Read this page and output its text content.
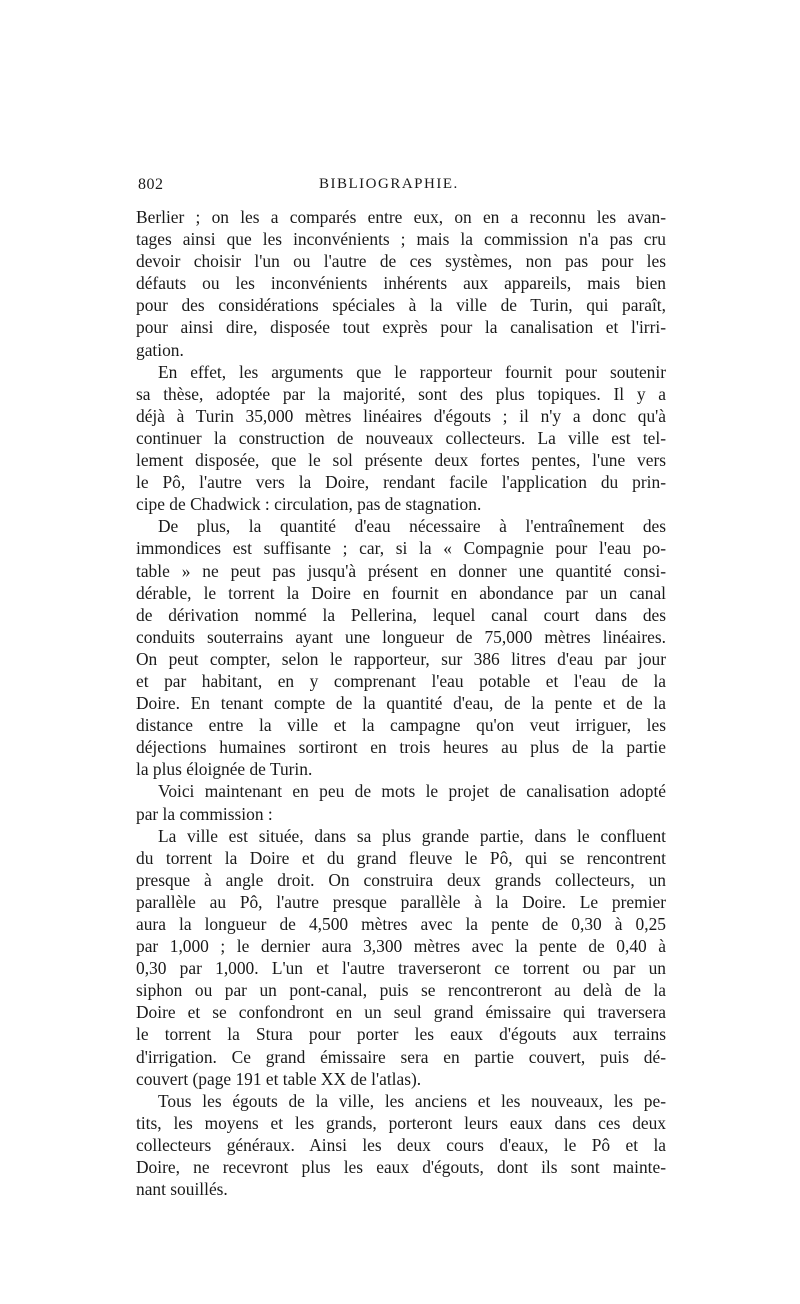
802	BIBLIOGRAPHIE.
Berlier ; on les a comparés entre eux, on en a reconnu les avan-
tages ainsi que les inconvénients ; mais la commission n'a pas cru
devoir choisir l'un ou l'autre de ces systèmes, non pas pour les
défauts ou les inconvénients inhérents aux appareils, mais bien
pour des considérations spéciales à la ville de Turin, qui paraît,
pour ainsi dire, disposée tout exprès pour la canalisation et l'irri-
gation.
En effet, les arguments que le rapporteur fournit pour soutenir
sa thèse, adoptée par la majorité, sont des plus topiques. Il y a
déjà à Turin 35,000 mètres linéaires d'égouts ; il n'y a donc qu'à
continuer la construction de nouveaux collecteurs. La ville est tel-
lement disposée, que le sol présente deux fortes pentes, l'une vers
le Pô, l'autre vers la Doire, rendant facile l'application du prin-
cipe de Chadwick : circulation, pas de stagnation.
De plus, la quantité d'eau nécessaire à l'entraînement des
immondices est suffisante ; car, si la « Compagnie pour l'eau po-
table » ne peut pas jusqu'à présent en donner une quantité consi-
dérable, le torrent la Doire en fournit en abondance par un canal
de dérivation nommé la Pellerina, lequel canal court dans des
conduits souterrains ayant une longueur de 75,000 mètres linéaires.
On peut compter, selon le rapporteur, sur 386 litres d'eau par jour
et par habitant, en y comprenant l'eau potable et l'eau de la
Doire. En tenant compte de la quantité d'eau, de la pente et de la
distance entre la ville et la campagne qu'on veut irriguer, les
déjections humaines sortiront en trois heures au plus de la partie
la plus éloignée de Turin.
Voici maintenant en peu de mots le projet de canalisation adopté
par la commission :
La ville est située, dans sa plus grande partie, dans le confluent
du torrent la Doire et du grand fleuve le Pô, qui se rencontrent
presque à angle droit. On construira deux grands collecteurs, un
parallèle au Pô, l'autre presque parallèle à la Doire. Le premier
aura la longueur de 4,500 mètres avec la pente de 0,30 à 0,25
par 1,000 ; le dernier aura 3,300 mètres avec la pente de 0,40 à
0,30 par 1,000. L'un et l'autre traverseront ce torrent ou par un
siphon ou par un pont-canal, puis se rencontreront au delà de la
Doire et se confondront en un seul grand émissaire qui traversera
le torrent la Stura pour porter les eaux d'égouts aux terrains
d'irrigation. Ce grand émissaire sera en partie couvert, puis dé-
couvert (page 191 et table XX de l'atlas).
Tous les égouts de la ville, les anciens et les nouveaux, les pe-
tits, les moyens et les grands, porteront leurs eaux dans ces deux
collecteurs généraux. Ainsi les deux cours d'eaux, le Pô et la
Doire, ne recevront plus les eaux d'égouts, dont ils sont mainte-
nant souillés.
